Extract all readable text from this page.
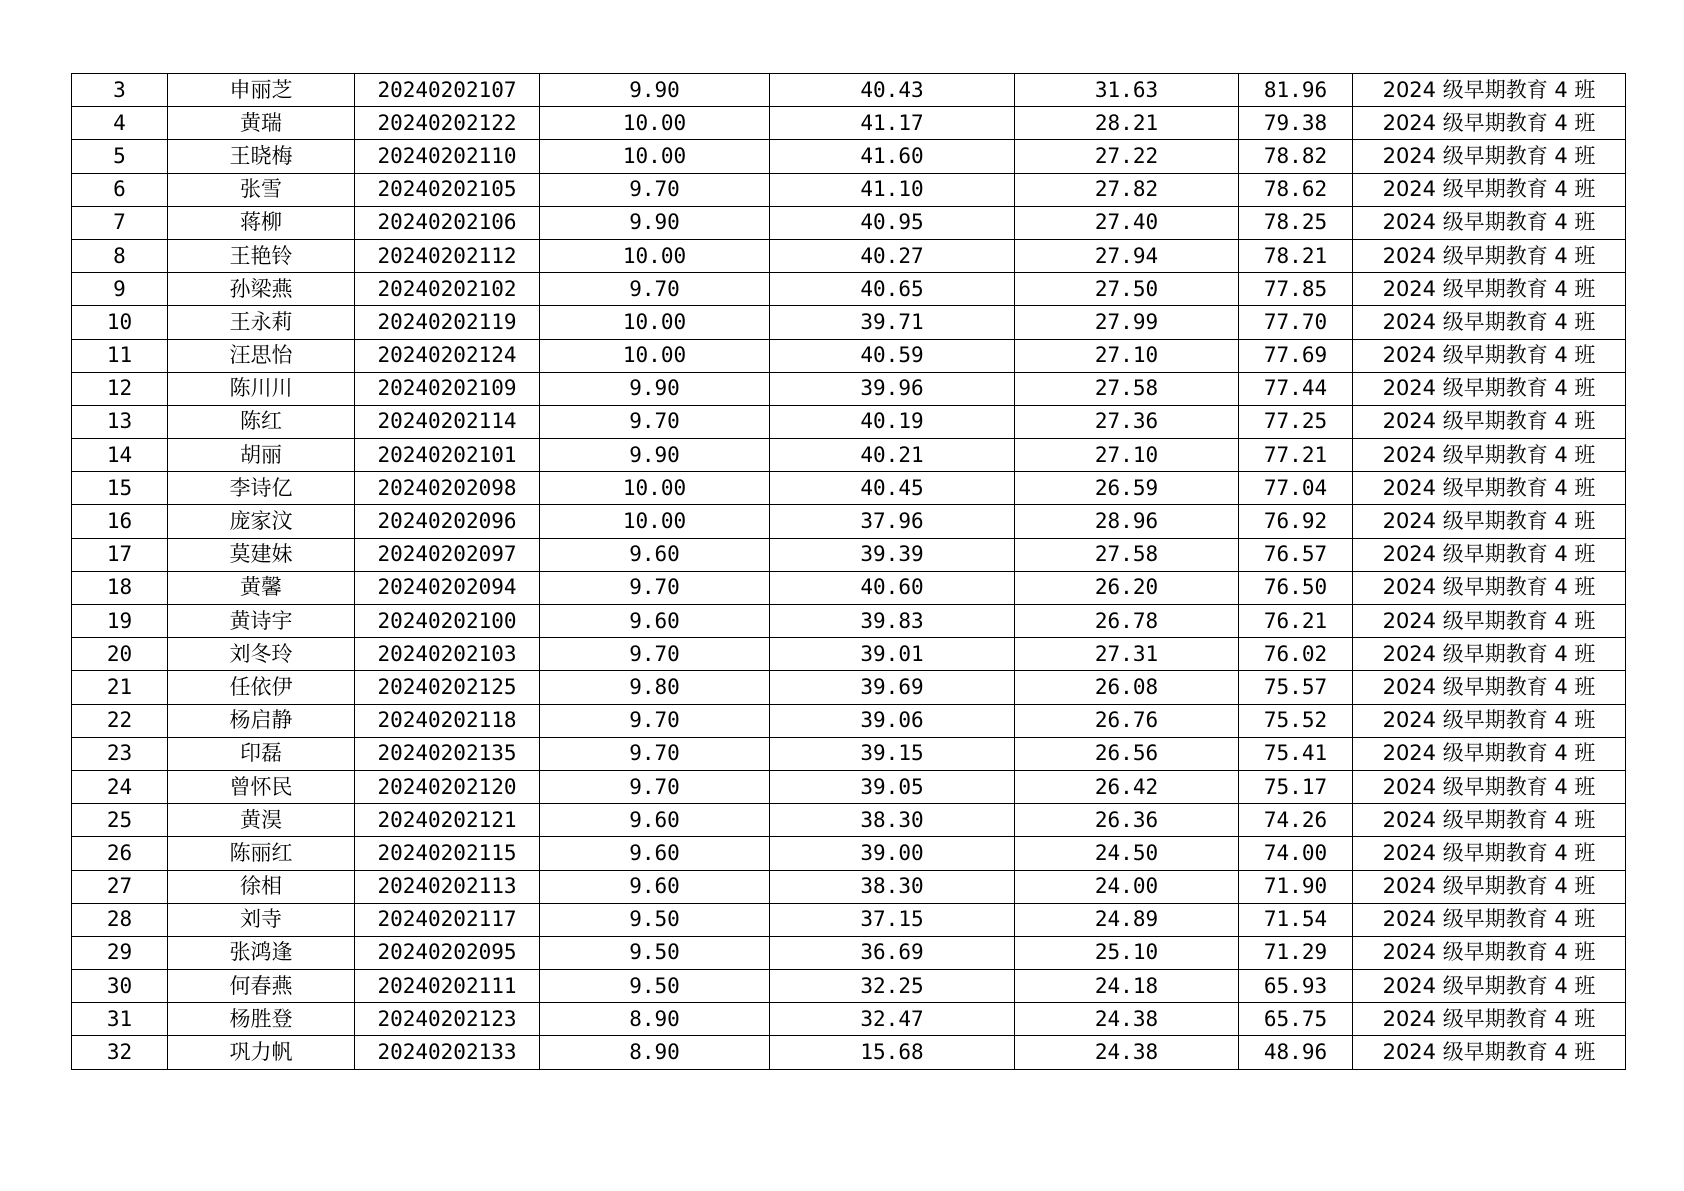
3	申丽芝	20240202107	9.90	40.43	31.63	81.96	2024 级早期教育 4 班
4	黄瑞	20240202122	10.00	41.17	28.21	79.38	2024 级早期教育 4 班
5	王晓梅	20240202110	10.00	41.60	27.22	78.82	2024 级早期教育 4 班
6	张雪	20240202105	9.70	41.10	27.82	78.62	2024 级早期教育 4 班
7	蒋柳	20240202106	9.90	40.95	27.40	78.25	2024 级早期教育 4 班
8	王艳铃	20240202112	10.00	40.27	27.94	78.21	2024 级早期教育 4 班
9	孙梁燕	20240202102	9.70	40.65	27.50	77.85	2024 级早期教育 4 班
10	王永莉	20240202119	10.00	39.71	27.99	77.70	2024 级早期教育 4 班
11	汪思怡	20240202124	10.00	40.59	27.10	77.69	2024 级早期教育 4 班
12	陈川川	20240202109	9.90	39.96	27.58	77.44	2024 级早期教育 4 班
13	陈红	20240202114	9.70	40.19	27.36	77.25	2024 级早期教育 4 班
14	胡丽	20240202101	9.90	40.21	27.10	77.21	2024 级早期教育 4 班
15	李诗亿	20240202098	10.00	40.45	26.59	77.04	2024 级早期教育 4 班
16	庞家汶	20240202096	10.00	37.96	28.96	76.92	2024 级早期教育 4 班
17	莫建妹	20240202097	9.60	39.39	27.58	76.57	2024 级早期教育 4 班
18	黄馨	20240202094	9.70	40.60	26.20	76.50	2024 级早期教育 4 班
19	黄诗宇	20240202100	9.60	39.83	26.78	76.21	2024 级早期教育 4 班
20	刘冬玲	20240202103	9.70	39.01	27.31	76.02	2024 级早期教育 4 班
21	任依伊	20240202125	9.80	39.69	26.08	75.57	2024 级早期教育 4 班
22	杨启静	20240202118	9.70	39.06	26.76	75.52	2024 级早期教育 4 班
23	印磊	20240202135	9.70	39.15	26.56	75.41	2024 级早期教育 4 班
24	曾怀民	20240202120	9.70	39.05	26.42	75.17	2024 级早期教育 4 班
25	黄淏	20240202121	9.60	38.30	26.36	74.26	2024 级早期教育 4 班
26	陈丽红	20240202115	9.60	39.00	24.50	74.00	2024 级早期教育 4 班
27	徐相	20240202113	9.60	38.30	24.00	71.90	2024 级早期教育 4 班
28	刘寺	20240202117	9.50	37.15	24.89	71.54	2024 级早期教育 4 班
29	张鸿逢	20240202095	9.50	36.69	25.10	71.29	2024 级早期教育 4 班
30	何春燕	20240202111	9.50	32.25	24.18	65.93	2024 级早期教育 4 班
31	杨胜登	20240202123	8.90	32.47	24.38	65.75	2024 级早期教育 4 班
32	巩力帆	20240202133	8.90	15.68	24.38	48.96	2024 级早期教育 4 班
